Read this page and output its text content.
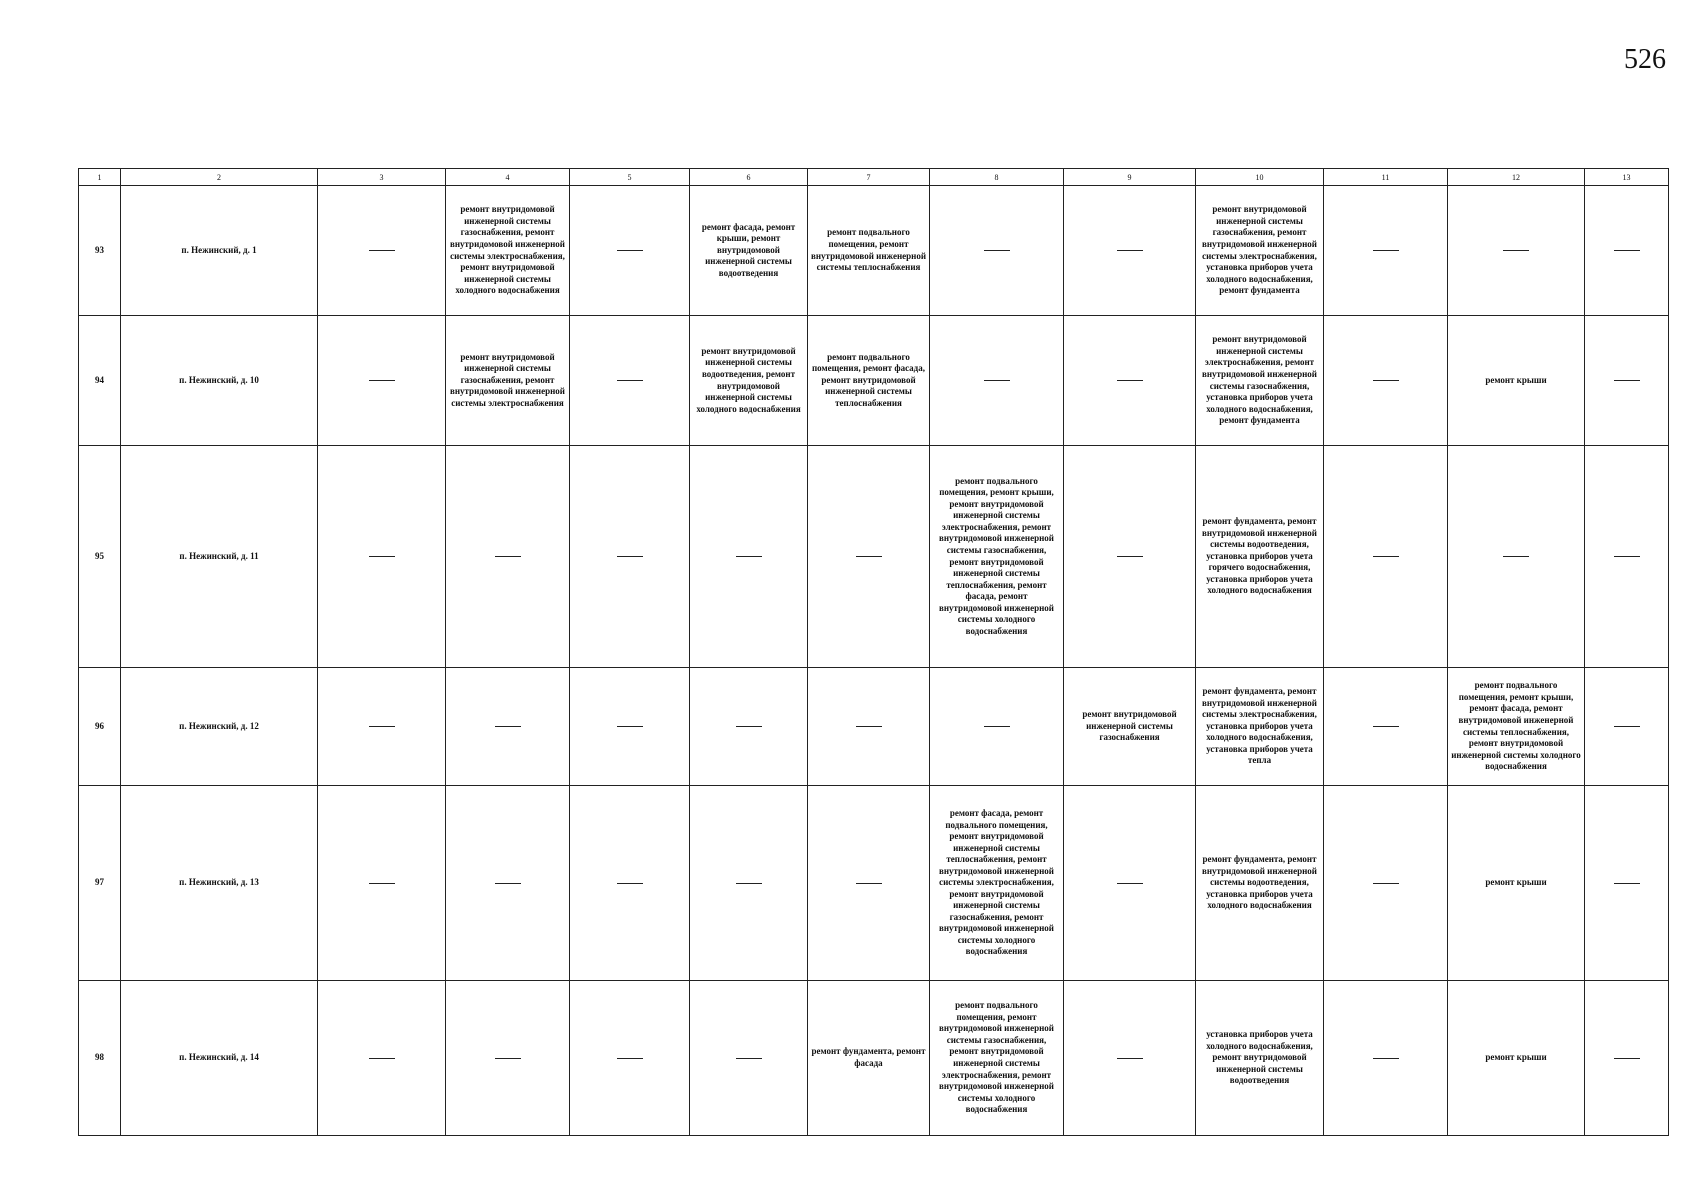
526
1	2	3	4	5	6	7	8	9	10	11	12	13
93	п. Нежинский, д. 1		ремонт внутридомовой инженерной системы газоснабжения, ремонт внутридомовой инженерной системы электроснабжения, ремонт внутридомовой инженерной системы холодного водоснабжения		ремонт фасада, ремонт крыши, ремонт внутридомовой инженерной системы водоотведения	ремонт подвального помещения, ремонт внутридомовой инженерной системы теплоснабжения			ремонт внутридомовой инженерной системы газоснабжения, ремонт внутридомовой инженерной системы электроснабжения, установка приборов учета холодного водоснабжения, ремонт фундамента			

94	п. Нежинский, д. 10		ремонт внутридомовой инженерной системы газоснабжения, ремонт внутридомовой инженерной системы электроснабжения		ремонт внутридомовой инженерной системы водоотведения, ремонт внутридомовой инженерной системы холодного водоснабжения	ремонт подвального помещения, ремонт фасада, ремонт внутридомовой инженерной системы теплоснабжения			ремонт внутридомовой инженерной системы электроснабжения, ремонт внутридомовой инженерной системы газоснабжения, установка приборов учета холодного водоснабжения, ремонт фундамента		ремонт крыши	

95	п. Нежинский, д. 11						ремонт подвального помещения, ремонт крыши, ремонт внутридомовой инженерной системы электроснабжения, ремонт внутридомовой инженерной системы газоснабжения, ремонт внутридомовой инженерной системы теплоснабжения, ремонт фасада, ремонт внутридомовой инженерной системы холодного водоснабжения		ремонт фундамента, ремонт внутридомовой инженерной системы водоотведения, установка приборов учета горячего водоснабжения, установка приборов учета холодного водоснабжения			

96	п. Нежинский, д. 12							ремонт внутридомовой инженерной системы газоснабжения	ремонт фундамента, ремонт внутридомовой инженерной системы электроснабжения, установка приборов учета холодного водоснабжения, установка приборов учета тепла		ремонт подвального помещения, ремонт крыши, ремонт фасада, ремонт внутридомовой инженерной системы теплоснабжения, ремонт внутридомовой инженерной системы холодного водоснабжения	

97	п. Нежинский, д. 13						ремонт фасада, ремонт подвального помещения, ремонт внутридомовой инженерной системы теплоснабжения, ремонт внутридомовой инженерной системы электроснабжения, ремонт внутридомовой инженерной системы газоснабжения, ремонт внутридомовой инженерной системы холодного водоснабжения		ремонт фундамента, ремонт внутридомовой инженерной системы водоотведения, установка приборов учета холодного водоснабжения		ремонт крыши	

98	п. Нежинский, д. 14					ремонт фундамента, ремонт фасада	ремонт подвального помещения, ремонт внутридомовой инженерной системы газоснабжения, ремонт внутридомовой инженерной системы электроснабжения, ремонт внутридомовой инженерной системы холодного водоснабжения		установка приборов учета холодного водоснабжения, ремонт внутридомовой инженерной системы водоотведения		ремонт крыши	
